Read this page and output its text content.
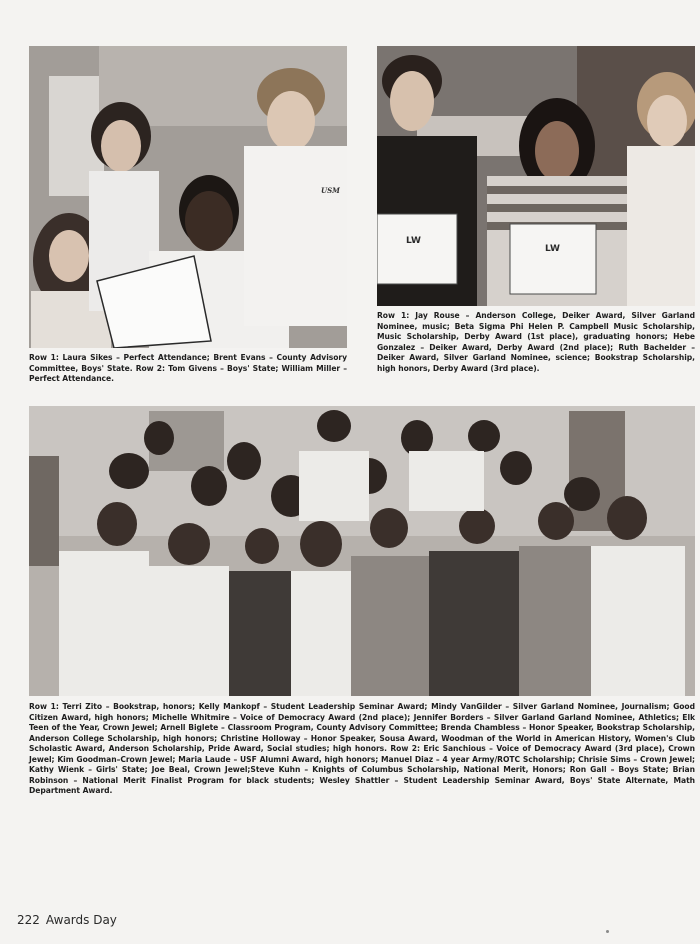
USM
Row 1: Laura Sikes – Perfect Attendance; Brent Evans – County Advisory Committee, Boys' State. Row 2: Tom Givens – Boys' State; William Miller – Perfect Attendance.
LW
LW
Row 1: Jay Rouse – Anderson College, Deiker Award, Silver Garland Nominee, music; Beta Sigma Phi Helen P. Campbell Music Scholarship, Music Scholarship, Derby Award (1st place), graduating honors; Hebe Gonzalez – Deiker Award, Derby Award (2nd place); Ruth Bachelder – Deiker Award, Silver Garland Nominee, science; Bookstrap Scholarship, high honors, Derby Award (3rd place).
Row 1: Terri Zito – Bookstrap, honors; Kelly Mankopf – Student Leadership Seminar Award; Mindy VanGilder – Silver Garland Nominee, Journalism; Good Citizen Award, high honors; Michelle Whitmire – Voice of Democracy Award (2nd place); Jennifer Borders – Silver Garland Garland Nominee, Athletics; Elk Teen of the Year, Crown Jewel; Arnell Biglete – Classroom Program, County Advisory Committee; Brenda Chambless – Honor Speaker, Bookstrap Scholarship, Anderson College Scholarship, high honors; Christine Holloway – Honor Speaker, Sousa Award, Woodman of the World in American History, Women's Club Scholastic Award, Anderson Scholarship, Pride Award, Social studies; high honors. Row 2: Eric Sanchious – Voice of Democracy Award (3rd place), Crown Jewel; Kim Goodman–Crown Jewel; Maria Laude – USF Alumni Award, high honors; Manuel Diaz – 4 year Army/ROTC Scholarship; Chrisie Sims – Crown Jewel; Kathy Wienk – Girls' State; Joe Beal, Crown Jewel;Steve Kuhn – Knights of Columbus Scholarship, National Merit, Honors; Ron Gall – Boys State; Brian Robinson – National Merit Finalist Program for black students; Wesley Shattler – Student Leadership Seminar Award, Boys' State Alternate, Math Department Award.
222 Awards Day
